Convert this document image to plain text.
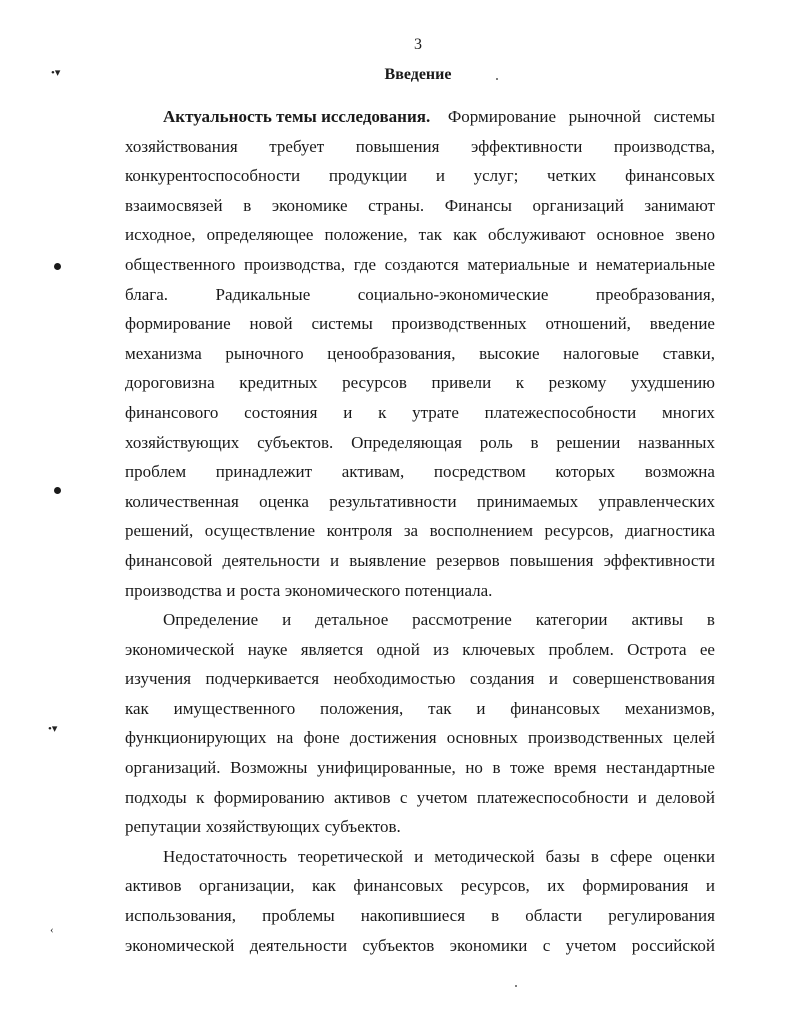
3
Введение
Актуальность темы исследования. Формирование рыночной системы
хозяйствования требует повышения эффективности производства,
конкурентоспособности продукции и услуг; четких финансовых
взаимосвязей в экономике страны. Финансы организаций занимают
исходное, определяющее положение, так как обслуживают основное звено
общественного производства, где создаются материальные и нематериальные
блага.	Радикальные	социально-экономические	преобразования,
формирование новой системы производственных отношений, введение
механизма рыночного ценообразования, высокие налоговые ставки,
дороговизна кредитных ресурсов привели к резкому ухудшению
финансового состояния и к утрате платежеспособности многих
хозяйствующих субъектов. Определяющая роль в решении названных
проблем принадлежит активам, посредством которых возможна
количественная оценка результативности принимаемых управленческих
решений, осуществление контроля за восполнением ресурсов, диагностика
финансовой деятельности и выявление резервов повышения эффективности
производства и роста экономического потенциала.
Определение и детальное рассмотрение категории активы в
экономической науке является одной из ключевых проблем. Острота ее
изучения подчеркивается необходимостью создания и совершенствования
как имущественного положения, так и финансовых механизмов,
функционирующих на фоне достижения основных производственных целей
организаций. Возможны унифицированные, но в тоже время нестандартные
подходы к формированию активов с учетом платежеспособности и деловой
репутации хозяйствующих субъектов.
Недостаточность теоретической и методической базы в сфере оценки
активов организации, как финансовых ресурсов, их формирования и
использования, проблемы накопившиеся в области регулирования
экономической деятельности субъектов экономики с учетом российской
•▾
•▾
‹
